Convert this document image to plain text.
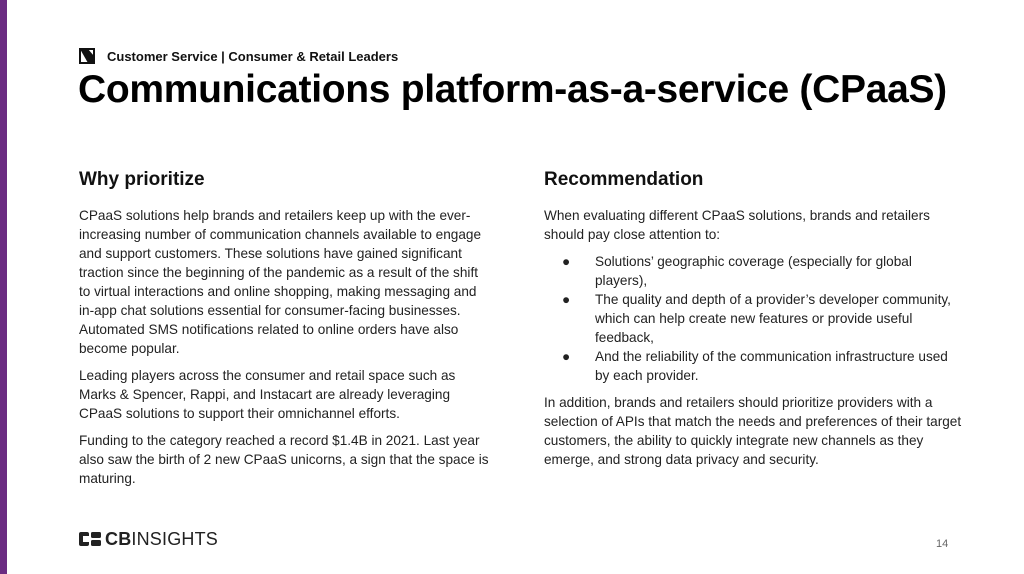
Customer Service | Consumer & Retail Leaders
Communications platform-as-a-service (CPaaS)
Why prioritize

CPaaS solutions help brands and retailers keep up with the ever-increasing number of communication channels available to engage and support customers. These solutions have gained significant traction since the beginning of the pandemic as a result of the shift to virtual interactions and online shopping, making messaging and in-app chat solutions essential for consumer-facing businesses. Automated SMS notifications related to online orders have also become popular.

Leading players across the consumer and retail space such as Marks & Spencer, Rappi, and Instacart are already leveraging CPaaS solutions to support their omnichannel efforts.

Funding to the category reached a record $1.4B in 2021. Last year also saw the birth of 2 new CPaaS unicorns, a sign that the space is maturing.

Recommendation

When evaluating different CPaaS solutions, brands and retailers should pay close attention to:

● Solutions’ geographic coverage (especially for global players),
● The quality and depth of a provider’s developer community, which can help create new features or provide useful feedback,
● And the reliability of the communication infrastructure used by each provider.

In addition, brands and retailers should prioritize providers with a selection of APIs that match the needs and preferences of their target customers, the ability to quickly integrate new channels as they emerge, and strong data privacy and security.

CBINSIGHTS	14
